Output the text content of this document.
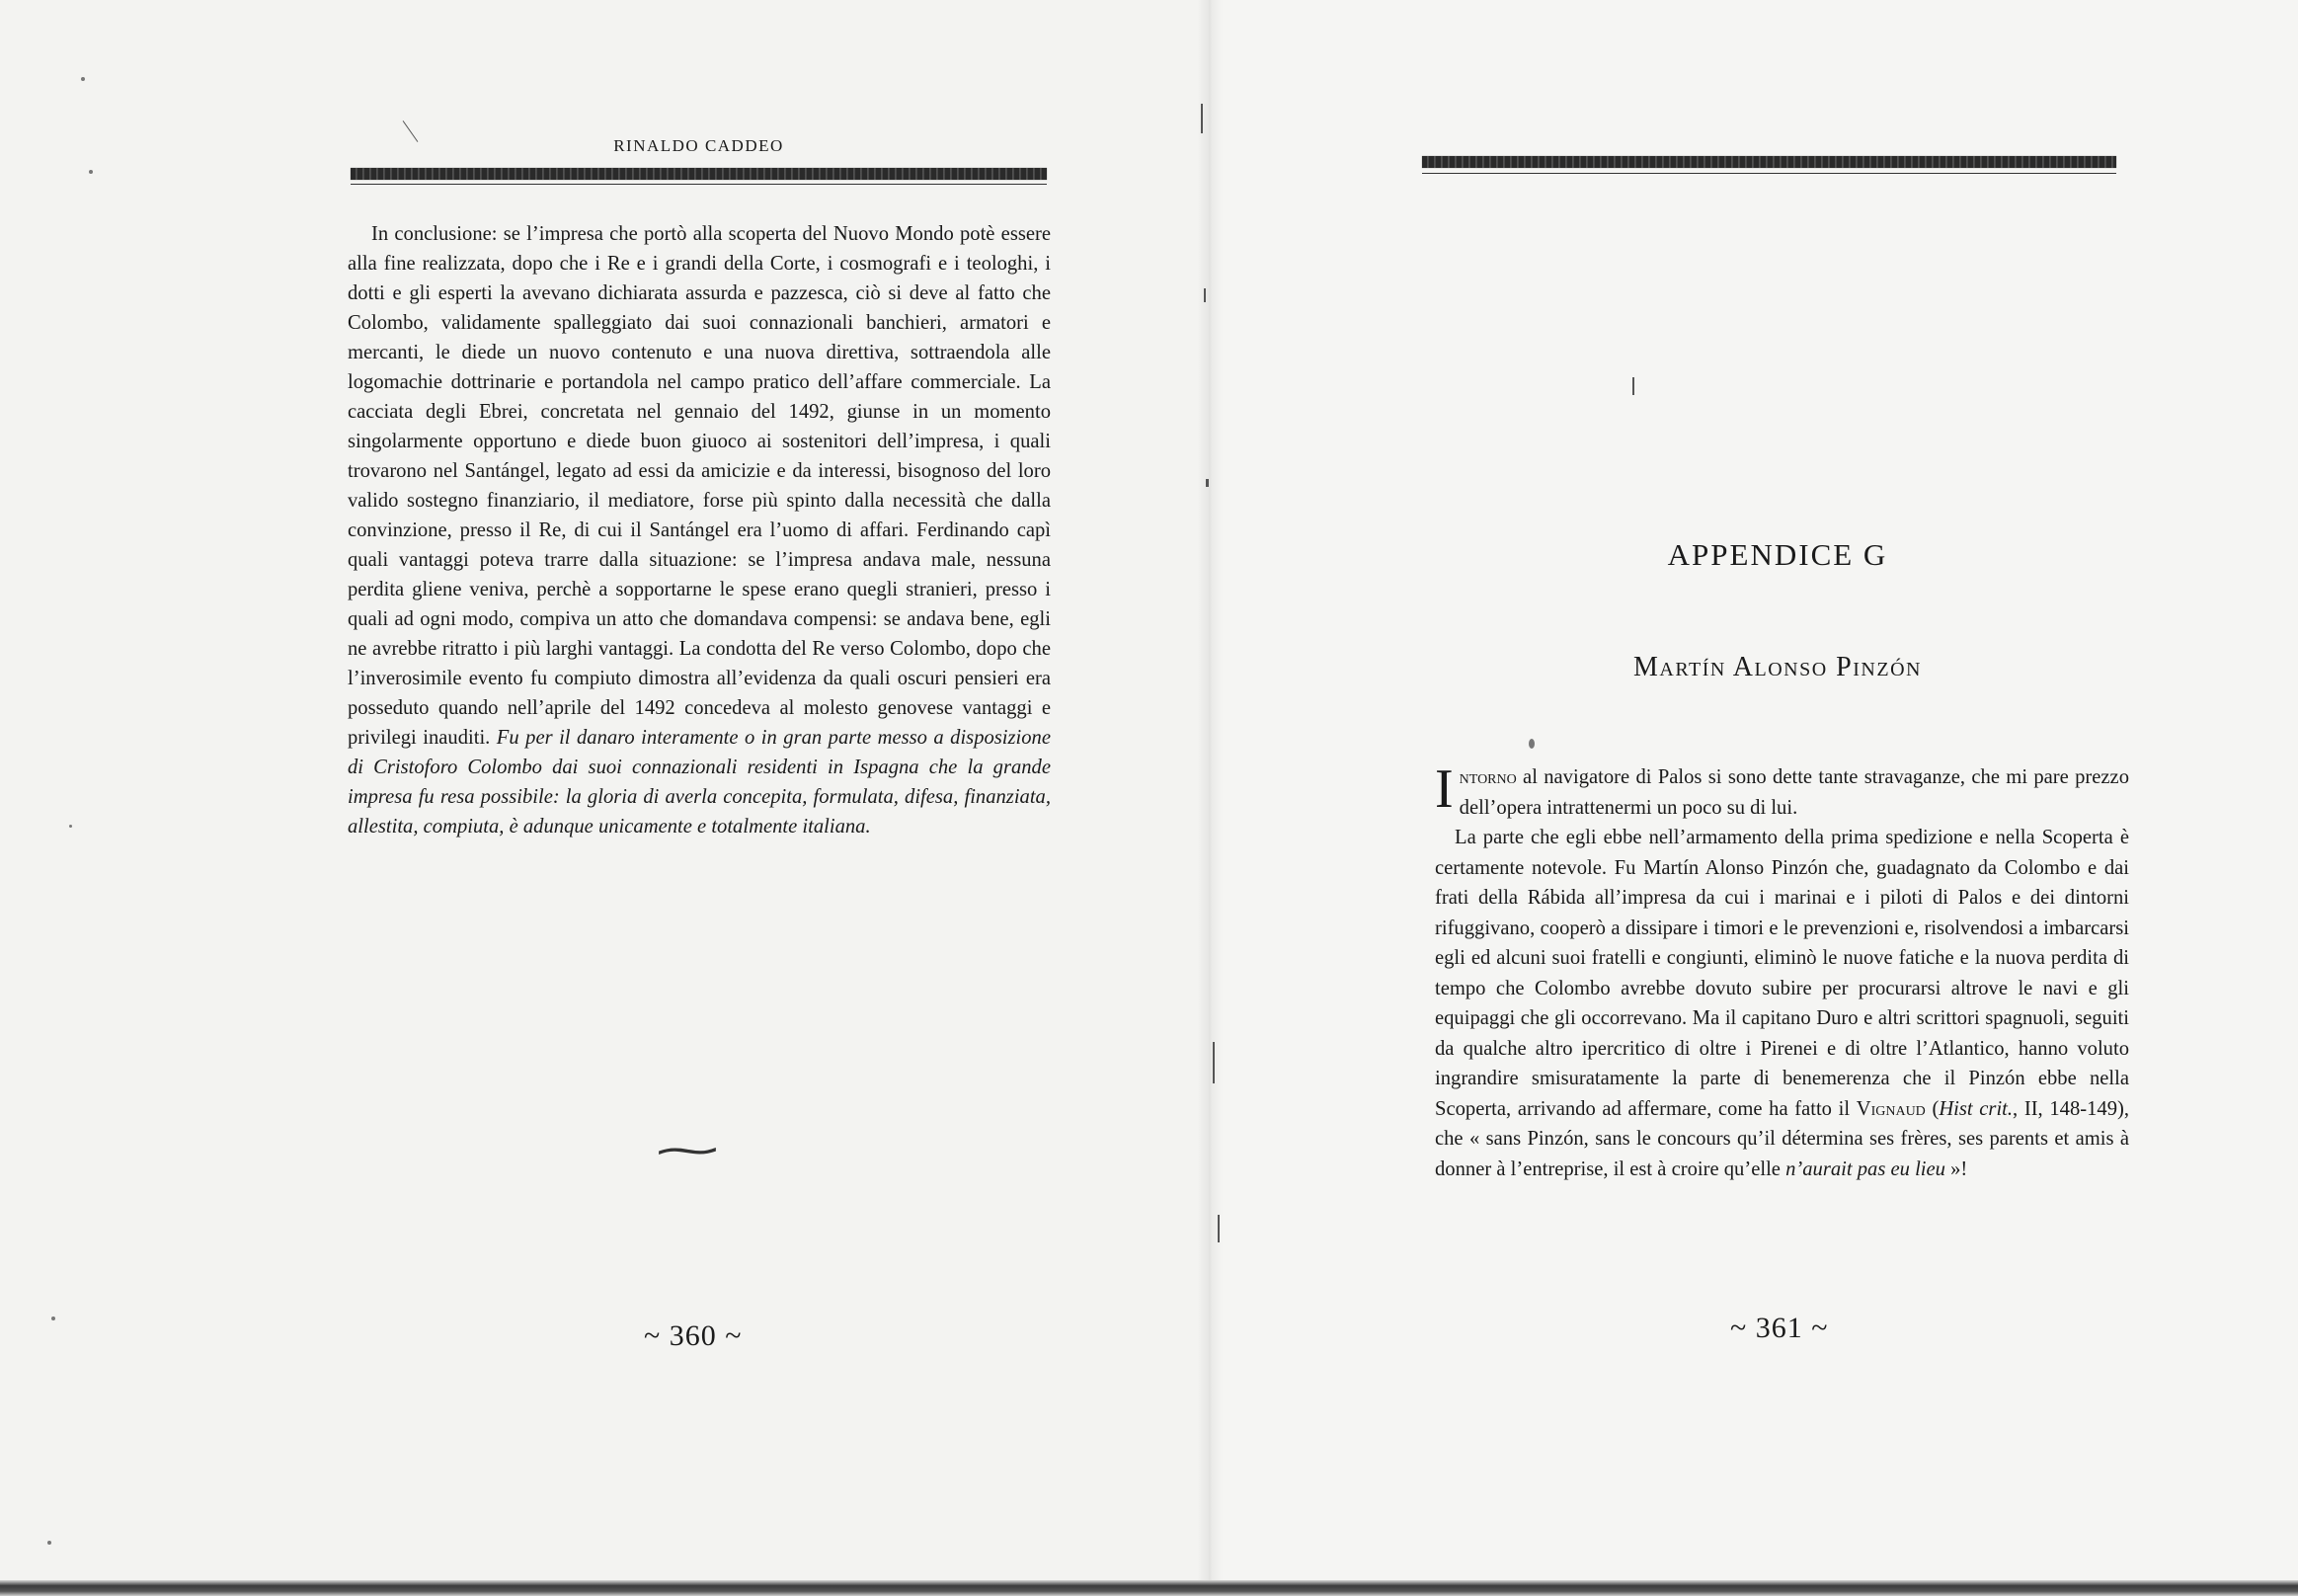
RINALDO CADDEO

In conclusione: se l’impresa che portò alla scoperta del Nuovo Mondo potè essere alla fine realizzata, dopo che i Re e i grandi della Corte, i cosmografi e i teologhi, i dotti e gli esperti la avevano dichiarata assurda e pazzesca, ciò si deve al fatto che Colombo, validamente spalleggiato dai suoi connazionali banchieri, armatori e mercanti, le diede un nuovo contenuto e una nuova direttiva, sottraendola alle logomachie dottrinarie e portandola nel campo pratico dell’affare commerciale. La cacciata degli Ebrei, concretata nel gennaio del 1492, giunse in un momento singolarmente opportuno e diede buon giuoco ai sostenitori dell’impresa, i quali trovarono nel Santángel, legato ad essi da amicizie e da interessi, bisognoso del loro valido sostegno finanziario, il mediatore, forse più spinto dalla necessità che dalla convinzione, presso il Re, di cui il Santángel era l’uomo di affari. Ferdinando capì quali vantaggi poteva trarre dalla situazione: se l’impresa andava male, nessuna perdita gliene veniva, perchè a sopportarne le spese erano quegli stranieri, presso i quali ad ogni modo, compiva un atto che domandava compensi: se andava bene, egli ne avrebbe ritratto i più larghi vantaggi. La condotta del Re verso Colombo, dopo che l’inverosimile evento fu compiuto dimostra all’evidenza da quali oscuri pensieri era posseduto quando nell’aprile del 1492 concedeva al molesto genovese vantaggi e privilegi inauditi. Fu per il danaro interamente o in gran parte messo a disposizione di Cristoforo Colombo dai suoi connazionali residenti in Ispagna che la grande impresa fu resa possibile: la gloria di averla concepita, formulata, difesa, finanziata, allestita, compiuta, è adunque unicamente e totalmente italiana.

⁓
~ 360 ~
APPENDICE G
Martín Alonso Pinzón

Intorno al navigatore di Palos si sono dette tante stravaganze, che mi pare prezzo dell’opera intrattenermi un poco su di lui.

La parte che egli ebbe nell’armamento della prima spedizione e nella Scoperta è certamente notevole. Fu Martín Alonso Pinzón che, guadagnato da Colombo e dai frati della Rábida all’impresa da cui i marinai e i piloti di Palos e dei dintorni rifuggivano, cooperò a dissipare i timori e le prevenzioni e, risolvendosi a imbarcarsi egli ed alcuni suoi fratelli e congiunti, eliminò le nuove fatiche e la nuova perdita di tempo che Colombo avrebbe dovuto subire per procurarsi altrove le navi e gli equipaggi che gli occorrevano. Ma il capitano Duro e altri scrittori spagnuoli, seguiti da qualche altro ipercritico di oltre i Pirenei e di oltre l’Atlantico, hanno voluto ingrandire smisuratamente la parte di benemerenza che il Pinzón ebbe nella Scoperta, arrivando ad affermare, come ha fatto il Vignaud (Hist crit., II, 148-149), che « sans Pinzón, sans le concours qu’il détermina ses frères, ses parents et amis à donner à l’entreprise, il est à croire qu’elle n’aurait pas eu lieu »!

~ 361 ~
